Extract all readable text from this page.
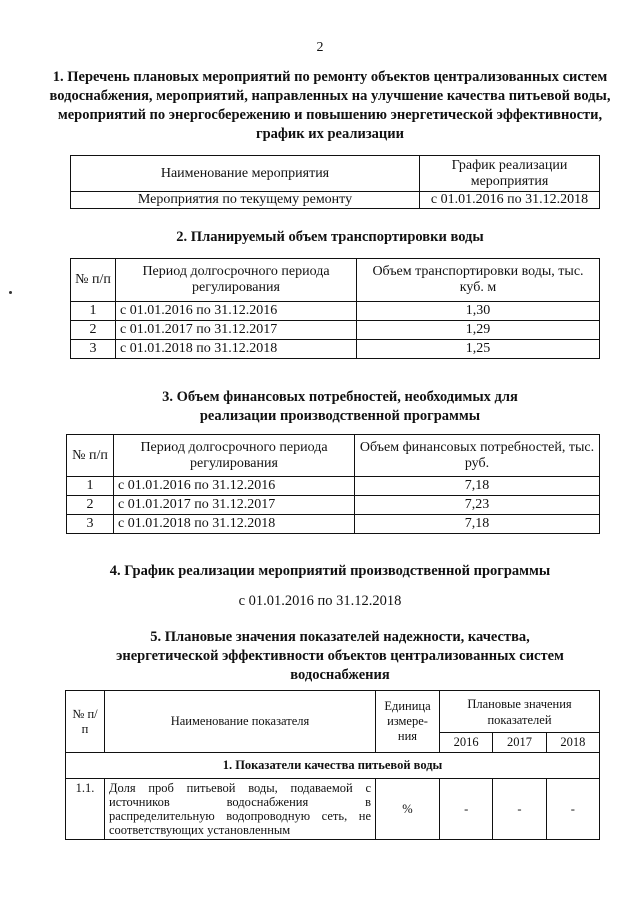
2
1. Перечень плановых мероприятий по ремонту объектов централизованных систем водоснабжения, мероприятий, направленных на улучшение качества питьевой воды, мероприятий по энергосбережению и повышению энергетической эффективности, график их реализации
Наименование мероприятия	График реализации мероприятия
Мероприятия по текущему ремонту	с 01.01.2016 по 31.12.2018
2. Планируемый объем транспортировки воды
№ п/п	Период долгосрочного периода регулирования	Объем транспортировки воды, тыс. куб. м
1	с 01.01.2016 по 31.12.2016	1,30
2	с 01.01.2017 по 31.12.2017	1,29
3	с 01.01.2018 по 31.12.2018	1,25
3. Объем финансовых потребностей, необходимых для реализации производственной программы
№ п/п	Период долгосрочного периода регулирования	Объем финансовых потребностей, тыс. руб.
1	с 01.01.2016 по 31.12.2016	7,18
2	с 01.01.2017 по 31.12.2017	7,23
3	с 01.01.2018 по 31.12.2018	7,18
4. График реализации мероприятий производственной программы
с 01.01.2016 по 31.12.2018
5. Плановые значения показателей надежности, качества, энергетической эффективности объектов централизованных систем водоснабжения
№ п/п	Наименование показателя	Единица измере-ния	Плановые значения показателей		
			2016	2017	2018
1. Показатели качества питьевой воды					
1.1.	Доля проб питьевой воды, подаваемой с источников водоснабжения в распределительную водопроводную сеть, не соответствующих установленным	%	-	-	-
